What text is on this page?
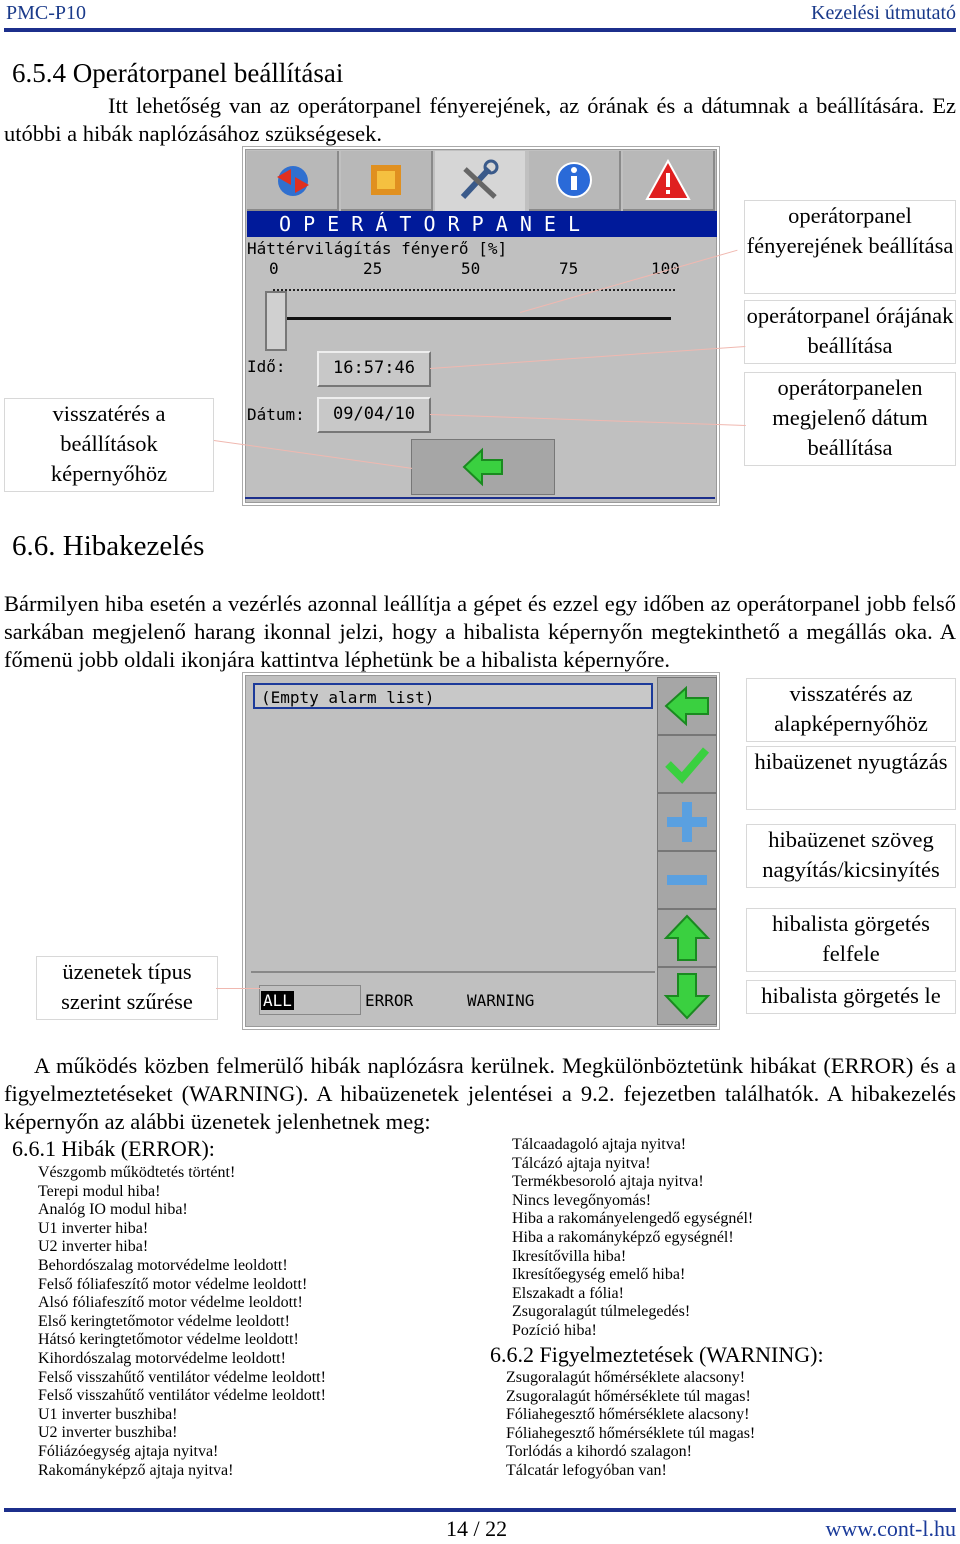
PMC-P10	Kezelési útmutató
6.5.4 Operátorpanel beállításai
Itt lehetőség van az operátorpanel fényerejének, az órának és a dátumnak a beállítására. Ez utóbbi a hibák naplózásához szükségesek.
O P E R Á T O R P A N E L
Háttérvilágítás fényerő [%]
0	25	50	75	100
Idő:	16:57:46
Dátum:	09/04/10
visszatérés a beállítások képernyőhöz
operátorpanel fényerejének beállítása
operátorpanel órájának beállítása
operátorpanelen megjelenő dátum beállítása
6.6. Hibakezelés
Bármilyen hiba esetén a vezérlés azonnal leállítja a gépet és ezzel egy időben az operátorpanel jobb felső sarkában megjelenő harang ikonnal jelzi, hogy a hibalista képernyőn megtekinthető a megállás oka. A főmenü jobb oldali ikonjára kattintva léphetünk be a hibalista képernyőre.
(Empty alarm list)
ALL	ERROR	WARNING
üzenetek típus szerint szűrése
visszatérés az alapképernyőhöz
hibaüzenet nyugtázás
hibaüzenet szöveg nagyítás/kicsinyítés
hibalista görgetés felfele
hibalista görgetés le
A működés közben felmerülő hibák naplózásra kerülnek. Megkülönböztetünk hibákat (ERROR) és a figyelmeztetéseket (WARNING). A hibaüzenetek jelentései a 9.2. fejezetben találhatók. A hibakezelés képernyőn az alábbi üzenetek jelenhetnek meg:
6.6.1 Hibák (ERROR):
Vészgomb működtetés történt!
Terepi modul hiba!
Analóg IO modul hiba!
U1 inverter hiba!
U2 inverter hiba!
Behordószalag motorvédelme leoldott!
Felső fóliafeszítő motor védelme leoldott!
Alsó fóliafeszítő motor védelme leoldott!
Első keringtetőmotor védelme leoldott!
Hátsó keringtetőmotor védelme leoldott!
Kihordószalag motorvédelme leoldott!
Felső visszahűtő ventilátor védelme leoldott!
Felső visszahűtő ventilátor védelme leoldott!
U1 inverter buszhiba!
U2 inverter buszhiba!
Fóliázóegység ajtaja nyitva!
Rakományképző ajtaja nyitva!
Tálcaadagoló ajtaja nyitva!
Tálcázó ajtaja nyitva!
Termékbesoroló ajtaja nyitva!
Nincs levegőnyomás!
Hiba a rakományelengedő egységnél!
Hiba a rakományképző egységnél!
Ikresítővilla hiba!
Ikresítőegység emelő hiba!
Elszakadt a fólia!
Zsugoralagút túlmelegedés!
Pozíció hiba!
6.6.2 Figyelmeztetések (WARNING):
Zsugoralagút hőmérséklete alacsony!
Zsugoralagút hőmérséklete túl magas!
Fóliahegesztő hőmérséklete alacsony!
Fóliahegesztő hőmérséklete túl magas!
Torlódás a kihordó szalagon!
Tálcatár lefogyóban van!
14 / 22	www.cont-l.hu
